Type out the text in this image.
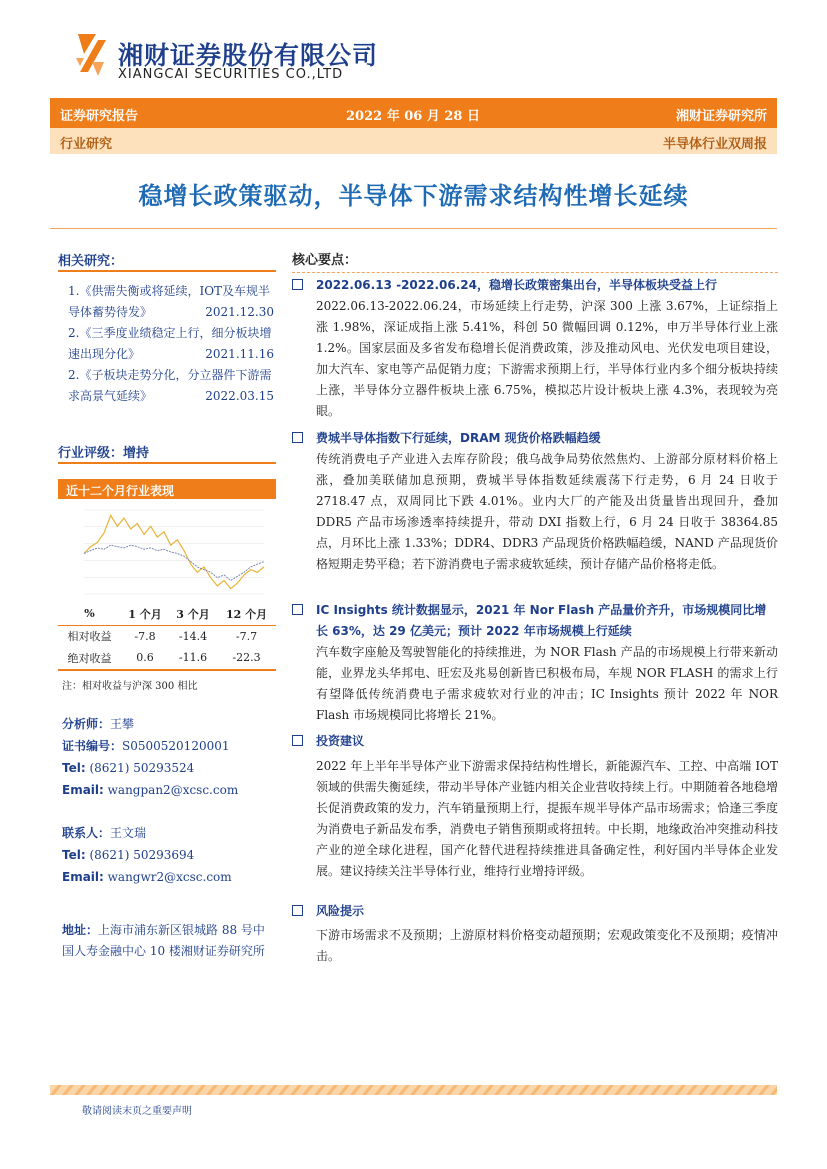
湘财证券股份有限公司
XIANGCAI SECURITIES CO.,LTD
证券研究报告	2022 年 06 月 28 日	湘财证券研究所
行业研究	半导体行业双周报
稳增长政策驱动，半导体下游需求结构性增长延续
相关研究：
1.《供需失衡或将延续，IOT及车规半导体蓄势待发》	2021.12.30
2.《三季度业绩稳定上行，细分板块增速出现分化》	2021.11.16
2.《子板块走势分化，分立器件下游需求高景气延续》	2022.03.15
行业评级：增持
近十二个月行业表现
%	1 个月	3 个月	12 个月
相对收益	-7.8	-14.4	-7.7
绝对收益	0.6	-11.6	-22.3
注：相对收益与沪深 300 相比
分析师：王攀
证书编号：S0500520120001
Tel: (8621) 50293524
Email: wangpan2@xcsc.com
联系人：王文瑞
Tel: (8621) 50293694
Email: wangwr2@xcsc.com
地址：上海市浦东新区银城路 88 号中国人寿金融中心 10 楼湘财证券研究所
核心要点：
2022.06.13 -2022.06.24，稳增长政策密集出台，半导体板块受益上行
2022.06.13-2022.06.24，市场延续上行走势，沪深 300 上涨 3.67%，上证综指上涨 1.98%，深证成指上涨 5.41%，科创 50 微幅回调 0.12%，申万半导体行业上涨 1.2%。国家层面及多省发布稳增长促消费政策，涉及推动风电、光伏发电项目建设，加大汽车、家电等产品促销力度；下游需求预期上行，半导体行业内多个细分板块持续上涨，半导体分立器件板块上涨 6.75%，模拟芯片设计板块上涨 4.3%，表现较为亮眼。
费城半导体指数下行延续，DRAM 现货价格跌幅趋缓
传统消费电子产业进入去库存阶段；俄乌战争局势依然焦灼、上游部分原材料价格上涨，叠加美联储加息预期，费城半导体指数延续震荡下行走势，6 月 24 日收于 2718.47 点，双周同比下跌 4.01%。业内大厂的产能及出货量皆出现回升，叠加 DDR5 产品市场渗透率持续提升，带动 DXI 指数上行，6 月 24 日收于 38364.85 点，月环比上涨 1.33%；DDR4、DDR3 产品现货价格跌幅趋缓，NAND 产品现货价格短期走势平稳；若下游消费电子需求疲软延续，预计存储产品价格将走低。
IC Insights 统计数据显示，2021 年 Nor Flash 产品量价齐升，市场规模同比增长 63%，达 29 亿美元；预计 2022 年市场规模上行延续
汽车数字座舱及驾驶智能化的持续推进，为 NOR Flash 产品的市场规模上行带来新动能，业界龙头华邦电、旺宏及兆易创新皆已积极布局，车规 NOR FLASH 的需求上行有望降低传统消费电子需求疲软对行业的冲击；IC Insights 预计 2022 年 NOR Flash 市场规模同比将增长 21%。
投资建议
2022 年上半年半导体产业下游需求保持结构性增长，新能源汽车、工控、中高端 IOT 领域的供需失衡延续，带动半导体产业链内相关企业营收持续上行。中期随着各地稳增长促消费政策的发力，汽车销量预期上行，提振车规半导体产品市场需求；恰逢三季度为消费电子新品发布季，消费电子销售预期或将扭转。中长期，地缘政治冲突推动科技产业的逆全球化进程，国产化替代进程持续推进具备确定性，利好国内半导体企业发展。建议持续关注半导体行业，维持行业增持评级。
风险提示
下游市场需求不及预期；上游原材料价格变动超预期；宏观政策变化不及预期；疫情冲击。
敬请阅读末页之重要声明
